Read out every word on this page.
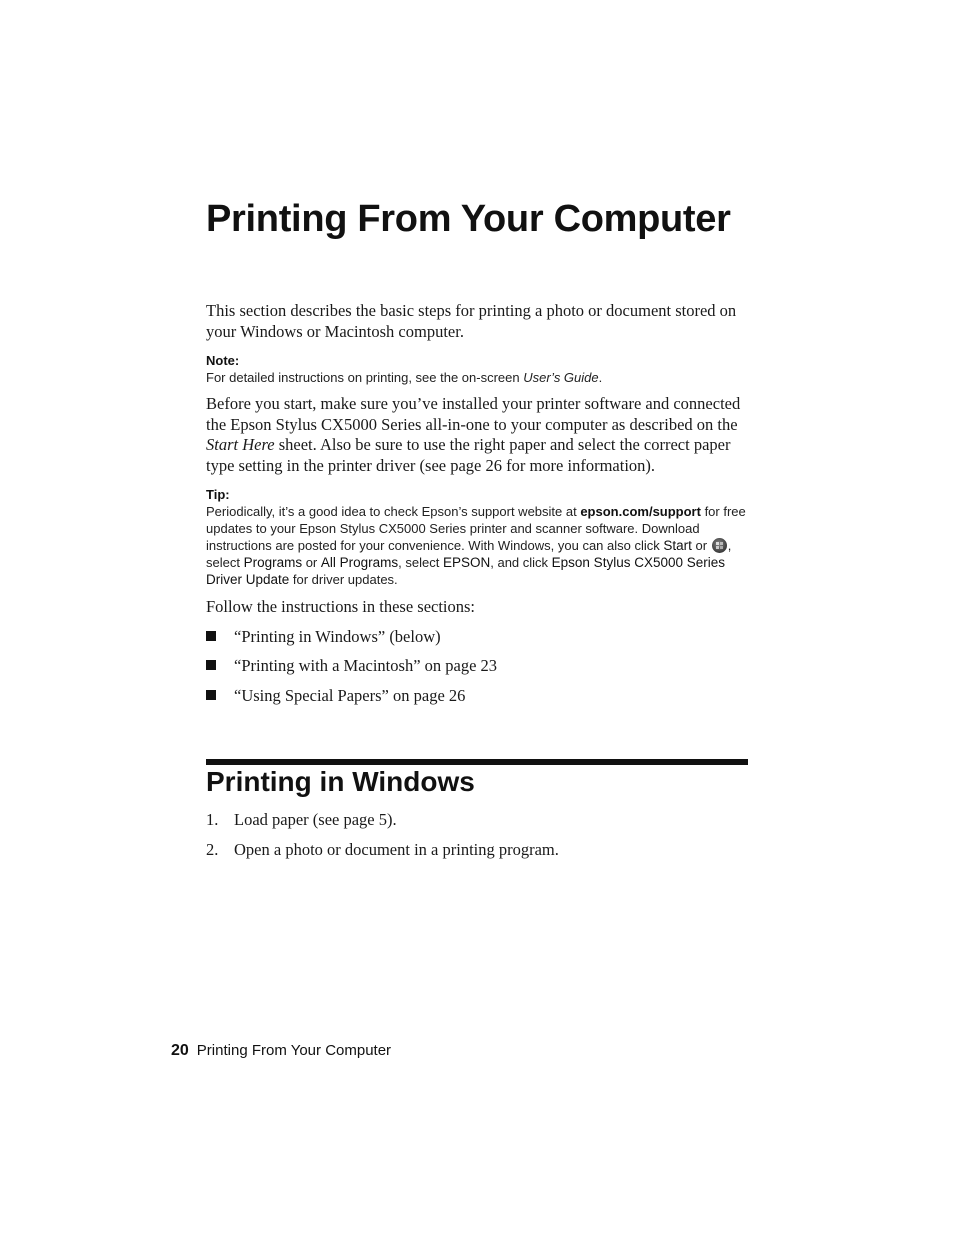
Printing From Your Computer

This section describes the basic steps for printing a photo or document stored on your Windows or Macintosh computer.

Note:
For detailed instructions on printing, see the on-screen User’s Guide.

Before you start, make sure you’ve installed your printer software and connected the Epson Stylus CX5000 Series all-in-one to your computer as described on the Start Here sheet. Also be sure to use the right paper and select the correct paper type setting in the printer driver (see page 26 for more information).

Tip:
Periodically, it’s a good idea to check Epson’s support website at epson.com/support for free updates to your Epson Stylus CX5000 Series printer and scanner software. Download instructions are posted for your convenience. With Windows, you can also click Start or , select Programs or All Programs, select EPSON, and click Epson Stylus CX5000 Series Driver Update for driver updates.

Follow the instructions in these sections:

“Printing in Windows” (below)
“Printing with a Macintosh” on page 23
“Using Special Papers” on page 26
Printing in Windows
1. Load paper (see page 5).
2. Open a photo or document in a printing program.
20 Printing From Your Computer
